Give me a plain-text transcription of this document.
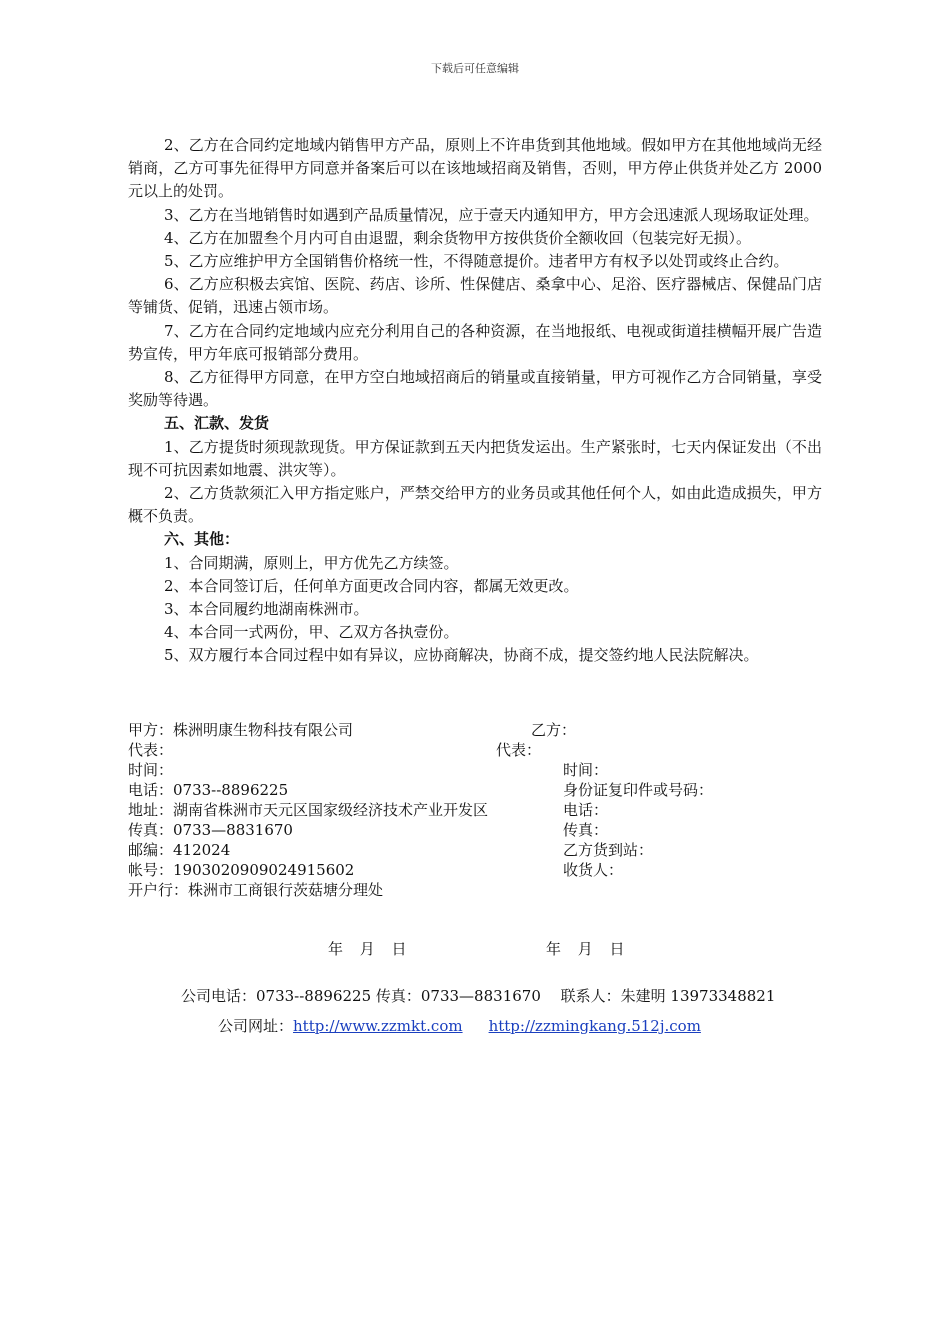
下载后可任意编辑

2、乙方在合同约定地域内销售甲方产品，原则上不许串货到其他地域。假如甲方在其他地域尚无经销商，乙方可事先征得甲方同意并备案后可以在该地域招商及销售，否则，甲方停止供货并处乙方 2000 元以上的处罚。

3、乙方在当地销售时如遇到产品质量情况，应于壹天内通知甲方，甲方会迅速派人现场取证处理。

4、乙方在加盟叁个月内可自由退盟，剩余货物甲方按供货价全额收回（包装完好无损）。

5、乙方应维护甲方全国销售价格统一性，不得随意提价。违者甲方有权予以处罚或终止合约。

6、乙方应积极去宾馆、医院、药店、诊所、性保健店、桑拿中心、足浴、医疗器械店、保健品门店等铺货、促销，迅速占领市场。

7、乙方在合同约定地域内应充分利用自己的各种资源，在当地报纸、电视或街道挂横幅开展广告造势宣传，甲方年底可报销部分费用。

8、乙方征得甲方同意，在甲方空白地域招商后的销量或直接销量，甲方可视作乙方合同销量，享受奖励等待遇。

五、汇款、发货

1、乙方提货时须现款现货。甲方保证款到五天内把货发运出。生产紧张时，七天内保证发出（不出现不可抗因素如地震、洪灾等）。

2、乙方货款须汇入甲方指定账户，严禁交给甲方的业务员或其他任何个人，如由此造成损失，甲方概不负责。

六、其他：

1、合同期满，原则上，甲方优先乙方续签。

2、本合同签订后，任何单方面更改合同内容，都属无效更改。

3、本合同履约地湖南株洲市。

4、本合同一式两份，甲、乙双方各执壹份。

5、双方履行本合同过程中如有异议，应协商解决，协商不成，提交签约地人民法院解决。

甲方：株洲明康生物科技有限公司	乙方：
代表：	代表：
时间：	时间：
电话：0733--8896225	身份证复印件或号码：
地址：湖南省株洲市天元区国家级经济技术产业开发区	电话：
传真：0733—8831670	传真：
邮编：412024	乙方货到站：
帐号：1903020909024915602	收货人：
开户行：株洲市工商银行茨菇塘分理处
年 月 日	年 月 日
公司电话：0733--8896225 传真：0733—8831670　 联系人：朱建明 13973348821
公司网址：http://www.zzmkt.com http://zzmingkang.512j.com
